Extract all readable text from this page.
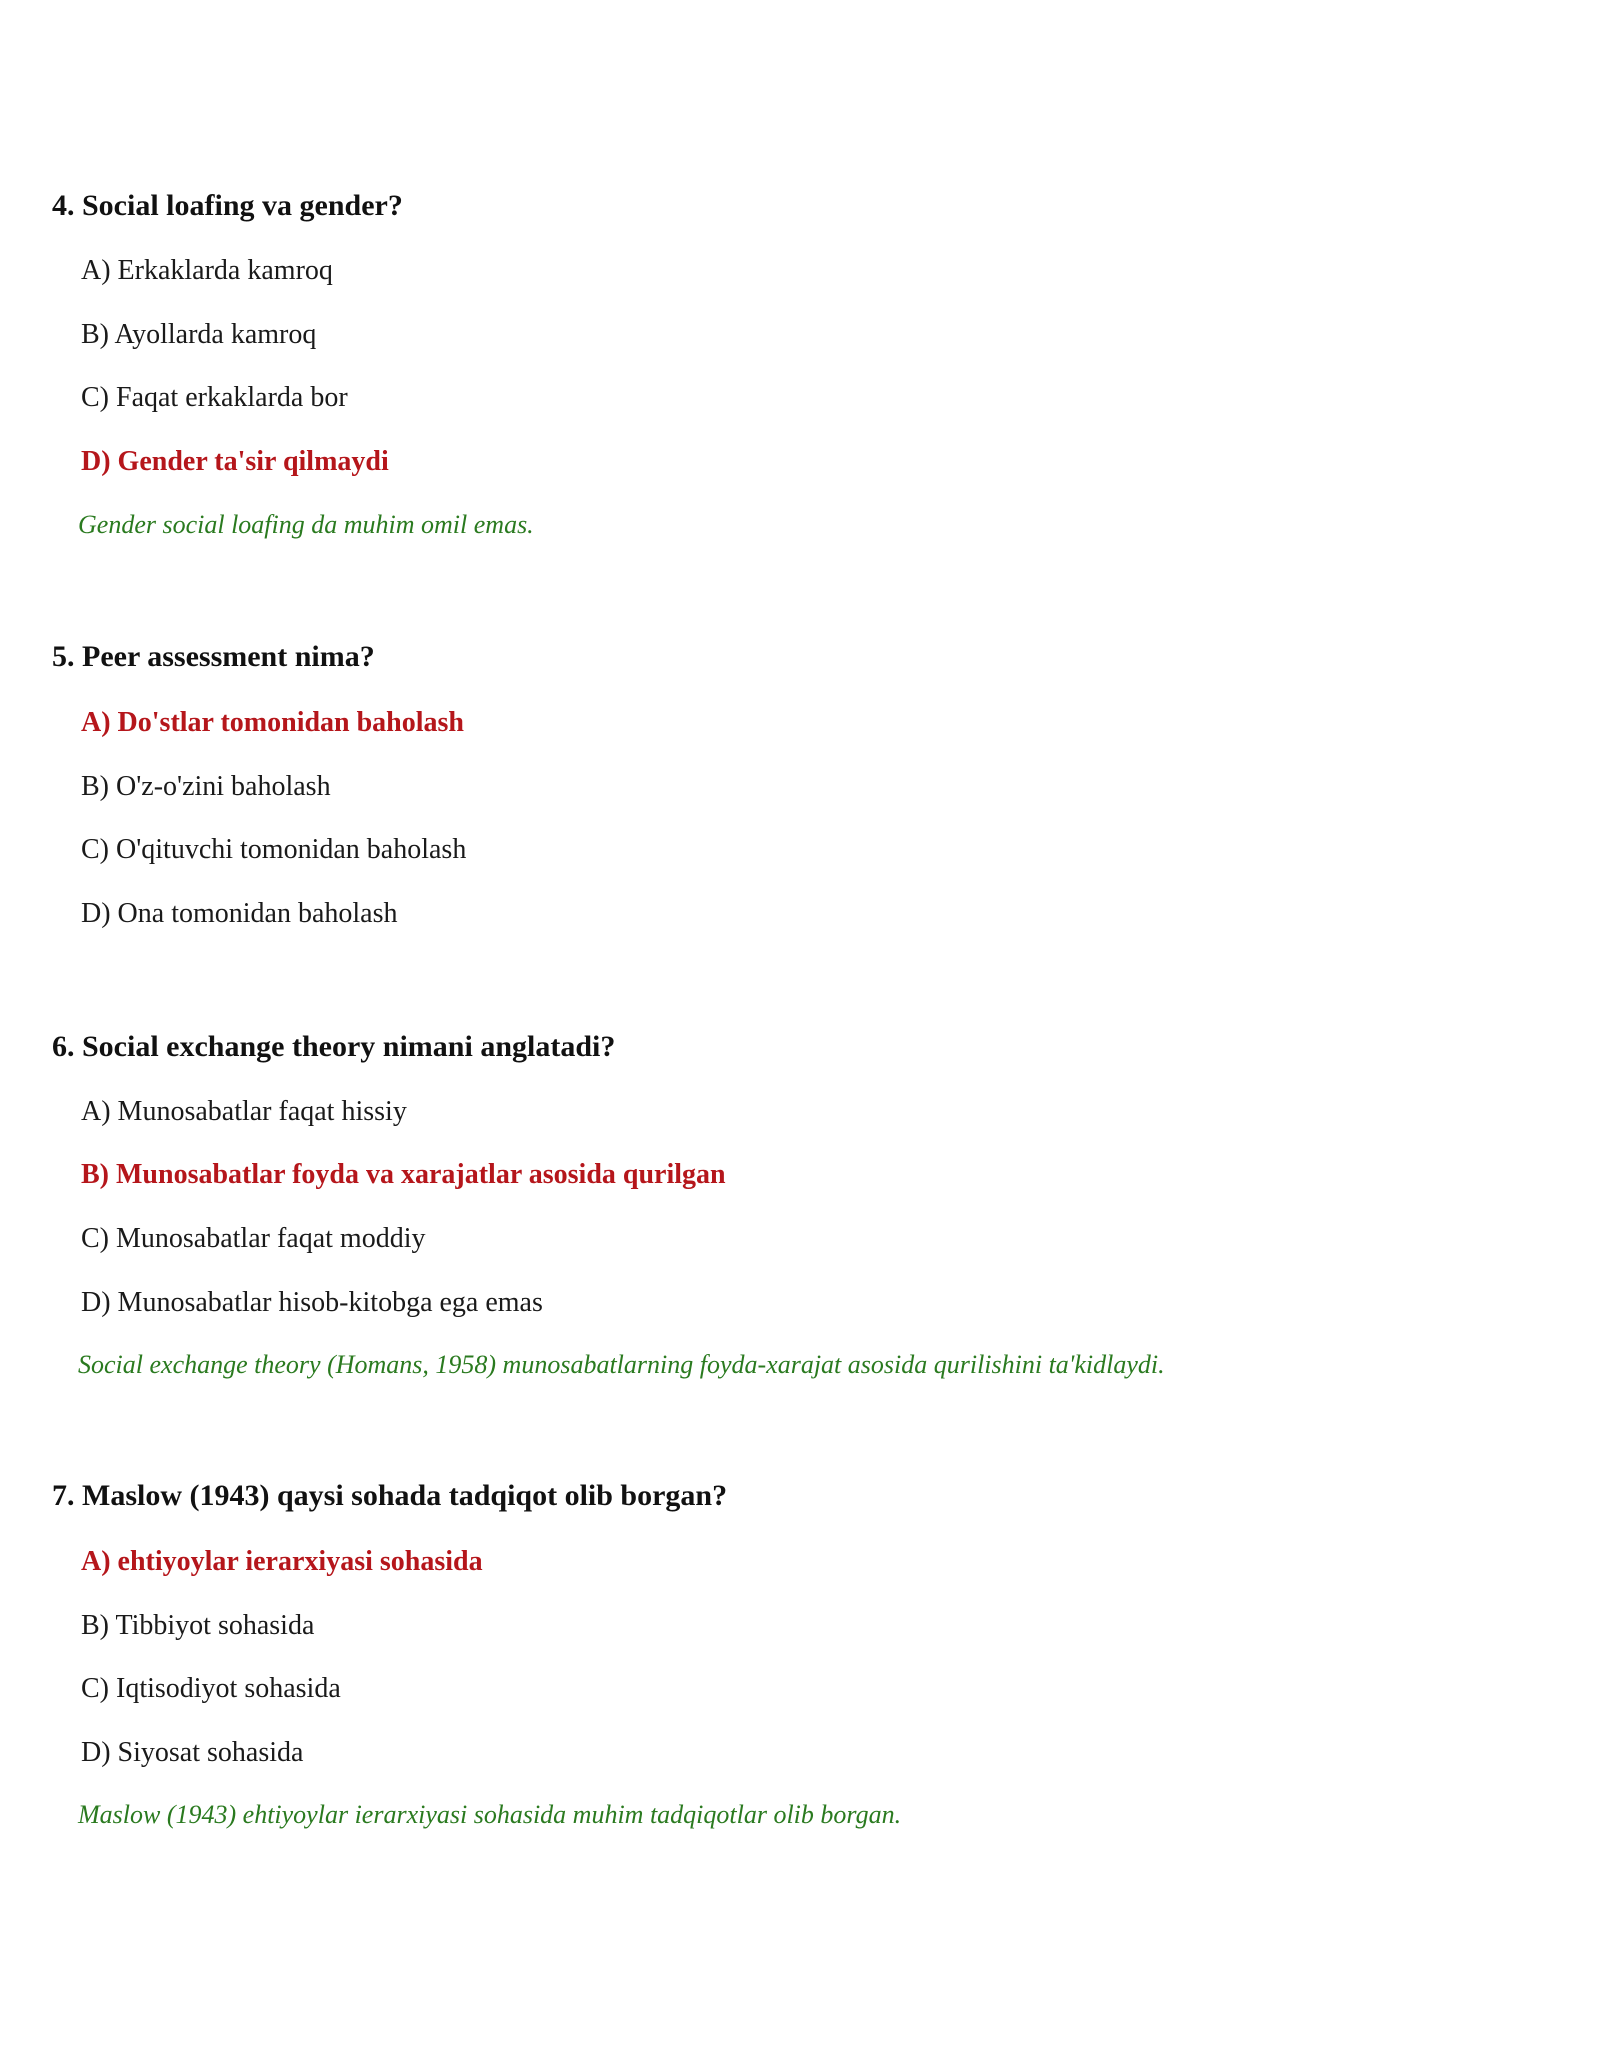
4. Social loafing va gender?
A) Erkaklarda kamroq
B) Ayollarda kamroq
C) Faqat erkaklarda bor
D) Gender ta'sir qilmaydi
Gender social loafing da muhim omil emas.
5. Peer assessment nima?
A) Do'stlar tomonidan baholash
B) O'z-o'zini baholash
C) O'qituvchi tomonidan baholash
D) Ona tomonidan baholash
6. Social exchange theory nimani anglatadi?
A) Munosabatlar faqat hissiy
B) Munosabatlar foyda va xarajatlar asosida qurilgan
C) Munosabatlar faqat moddiy
D) Munosabatlar hisob-kitobga ega emas
Social exchange theory (Homans, 1958) munosabatlarning foyda-xarajat asosida qurilishini ta'kidlaydi.
7. Maslow (1943) qaysi sohada tadqiqot olib borgan?
A) ehtiyoylar ierarxiyasi sohasida
B) Tibbiyot sohasida
C) Iqtisodiyot sohasida
D) Siyosat sohasida
Maslow (1943) ehtiyoylar ierarxiyasi sohasida muhim tadqiqotlar olib borgan.
